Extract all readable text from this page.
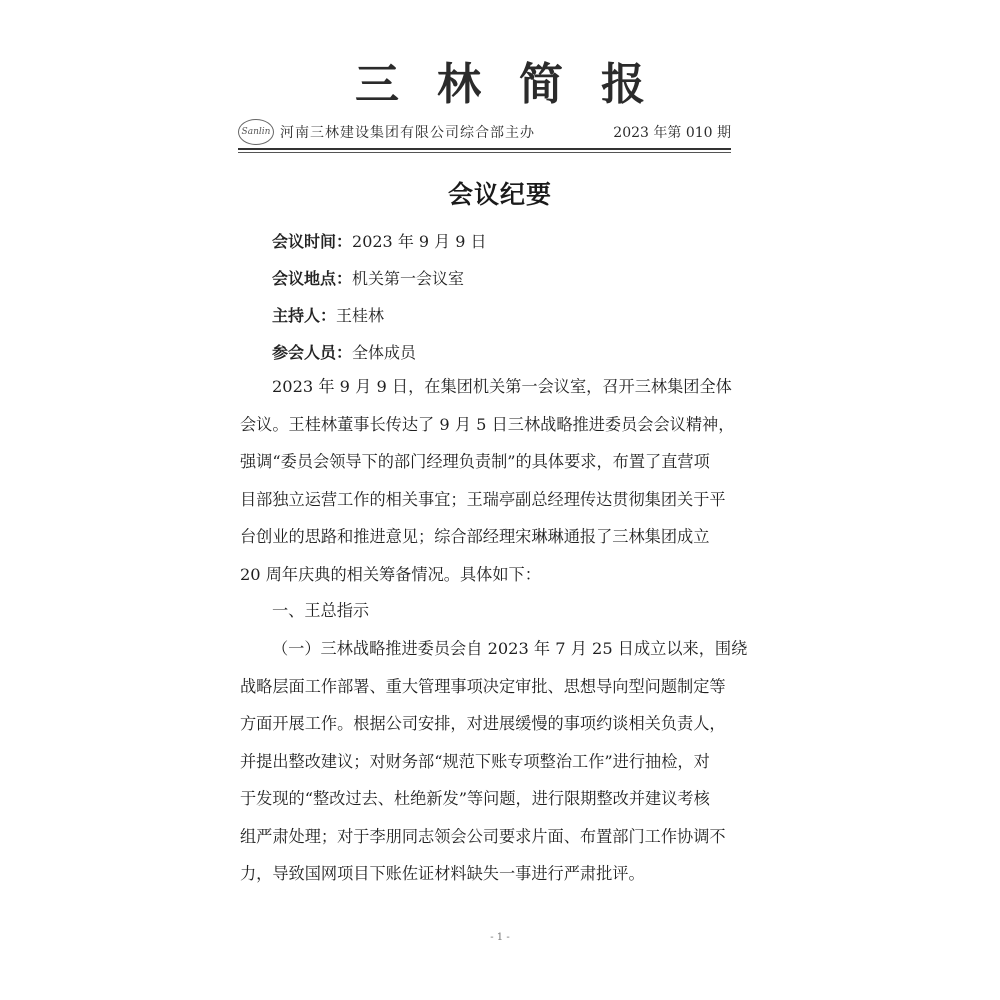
三林简报
Sanlin 河南三林建设集团有限公司综合部主办	2023 年第 010 期
会议纪要
会议时间：2023 年 9 月 9 日
会议地点：机关第一会议室
主持人：王桂林
参会人员：全体成员
2023 年 9 月 9 日，在集团机关第一会议室，召开三林集团全体
会议。王桂林董事长传达了 9 月 5 日三林战略推进委员会会议精神，
强调“委员会领导下的部门经理负责制”的具体要求，布置了直营项
目部独立运营工作的相关事宜；王瑞亭副总经理传达贯彻集团关于平
台创业的思路和推进意见；综合部经理宋琳琳通报了三林集团成立
20 周年庆典的相关筹备情况。具体如下：
一、王总指示
（一）三林战略推进委员会自 2023 年 7 月 25 日成立以来，围绕
战略层面工作部署、重大管理事项决定审批、思想导向型问题制定等
方面开展工作。根据公司安排，对进展缓慢的事项约谈相关负责人，
并提出整改建议；对财务部“规范下账专项整治工作”进行抽检，对
于发现的“整改过去、杜绝新发”等问题，进行限期整改并建议考核
组严肃处理；对于李朋同志领会公司要求片面、布置部门工作协调不
力，导致国网项目下账佐证材料缺失一事进行严肃批评。
- 1 -
